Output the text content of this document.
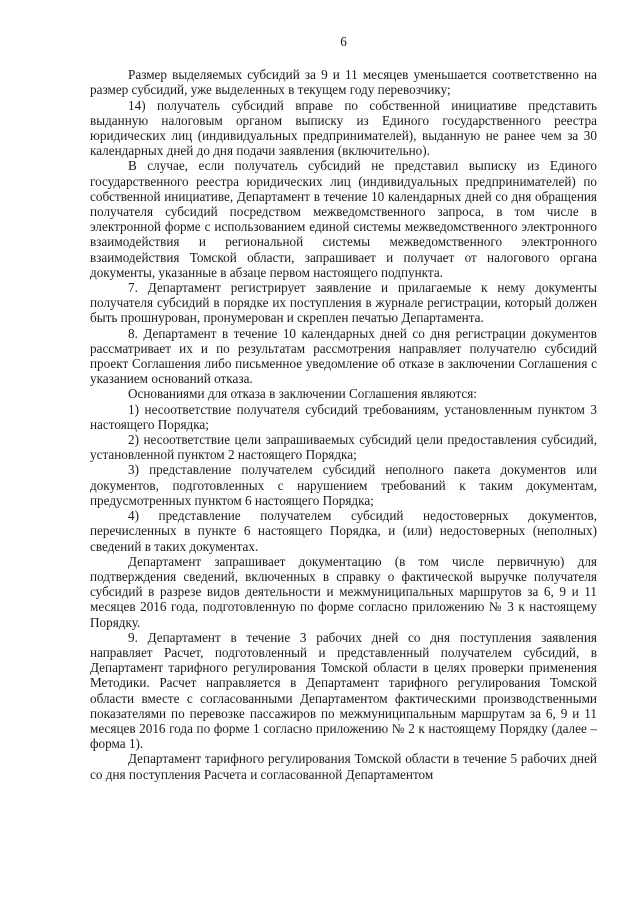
6

Размер выделяемых субсидий за 9 и 11 месяцев уменьшается соответственно на размер субсидий, уже выделенных в текущем году перевозчику;

14) получатель субсидий вправе по собственной инициативе представить выданную налоговым органом выписку из Единого государственного реестра юридических лиц (индивидуальных предпринимателей), выданную не ранее чем за 30 календарных дней до дня подачи заявления (включительно).

В случае, если получатель субсидий не представил выписку из Единого государственного реестра юридических лиц (индивидуальных предпринимателей) по собственной инициативе, Департамент в течение 10 календарных дней со дня обращения получателя субсидий посредством межведомственного запроса, в том числе в электронной форме с использованием единой системы межведомственного электронного взаимодействия и региональной системы межведомственного электронного взаимодействия Томской области, запрашивает и получает от налогового органа документы, указанные в абзаце первом настоящего подпункта.

7. Департамент регистрирует заявление и прилагаемые к нему документы получателя субсидий в порядке их поступления в журнале регистрации, который должен быть прошнурован, пронумерован и скреплен печатью Департамента.

8. Департамент в течение 10 календарных дней со дня регистрации документов рассматривает их и по результатам рассмотрения направляет получателю субсидий проект Соглашения либо письменное уведомление об отказе в заключении Соглашения с указанием оснований отказа.

Основаниями для отказа в заключении Соглашения являются:

1) несоответствие получателя субсидий требованиям, установленным пунктом 3 настоящего Порядка;

2) несоответствие цели запрашиваемых субсидий цели предоставления субсидий, установленной пунктом 2 настоящего Порядка;

3) представление получателем субсидий неполного пакета документов или документов, подготовленных с нарушением требований к таким документам, предусмотренных пунктом 6 настоящего Порядка;

4) представление получателем субсидий недостоверных документов, перечисленных в пункте 6 настоящего Порядка, и (или) недостоверных (неполных) сведений в таких документах.

Департамент запрашивает документацию (в том числе первичную) для подтверждения сведений, включенных в справку о фактической выручке получателя субсидий в разрезе видов деятельности и межмуниципальных маршрутов за 6, 9 и 11 месяцев 2016 года, подготовленную по форме согласно приложению № 3 к настоящему Порядку.

9. Департамент в течение 3 рабочих дней со дня поступления заявления направляет Расчет, подготовленный и представленный получателем субсидий, в Департамент тарифного регулирования Томской области в целях проверки применения Методики. Расчет направляется в Департамент тарифного регулирования Томской области вместе с согласованными Департаментом фактическими производственными показателями по перевозке пассажиров по межмуниципальным маршрутам за 6, 9 и 11 месяцев 2016 года по форме 1 согласно приложению № 2 к настоящему Порядку (далее – форма 1).

Департамент тарифного регулирования Томской области в течение 5 рабочих дней со дня поступления Расчета и согласованной Департаментом
